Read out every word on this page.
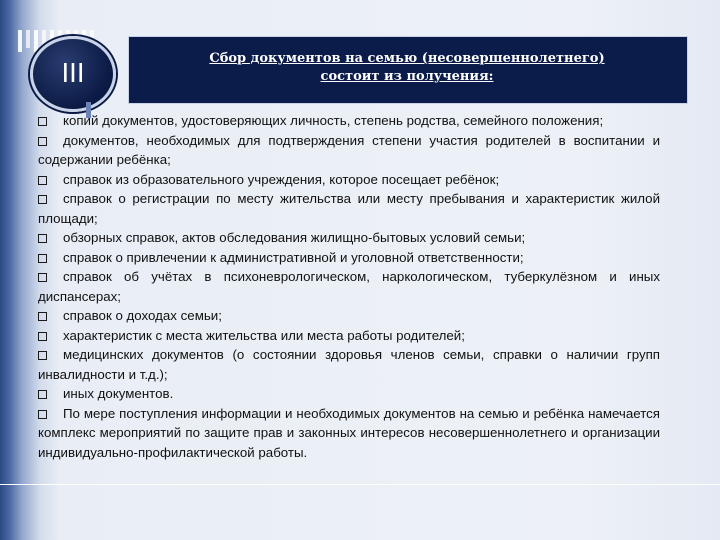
Сбор документов на семью (несовершеннолетнего)
состоит из получения:
III

копий документов, удостоверяющих личность, степень родства, семейного положения;

документов, необходимых для подтверждения степени участия родителей в воспитании и содержании ребёнка;

справок из образовательного учреждения, которое посещает ребёнок;

справок о регистрации по месту жительства или месту пребывания и характеристик жилой площади;

обзорных справок, актов обследования жилищно-бытовых условий семьи;

справок о привлечении к административной и уголовной ответственности;

справок об учётах в психоневрологическом, наркологическом, туберкулёзном и иных диспансерах;

справок о доходах семьи;

характеристик с места жительства или места работы родителей;

медицинских документов (о состоянии здоровья членов семьи, справки о наличии групп инвалидности и т.д.);

иных документов.

По мере поступления информации и необходимых документов на семью и ребёнка намечается комплекс мероприятий по защите прав и законных интересов несовершеннолетнего и организации индивидуально-профилактической работы.
